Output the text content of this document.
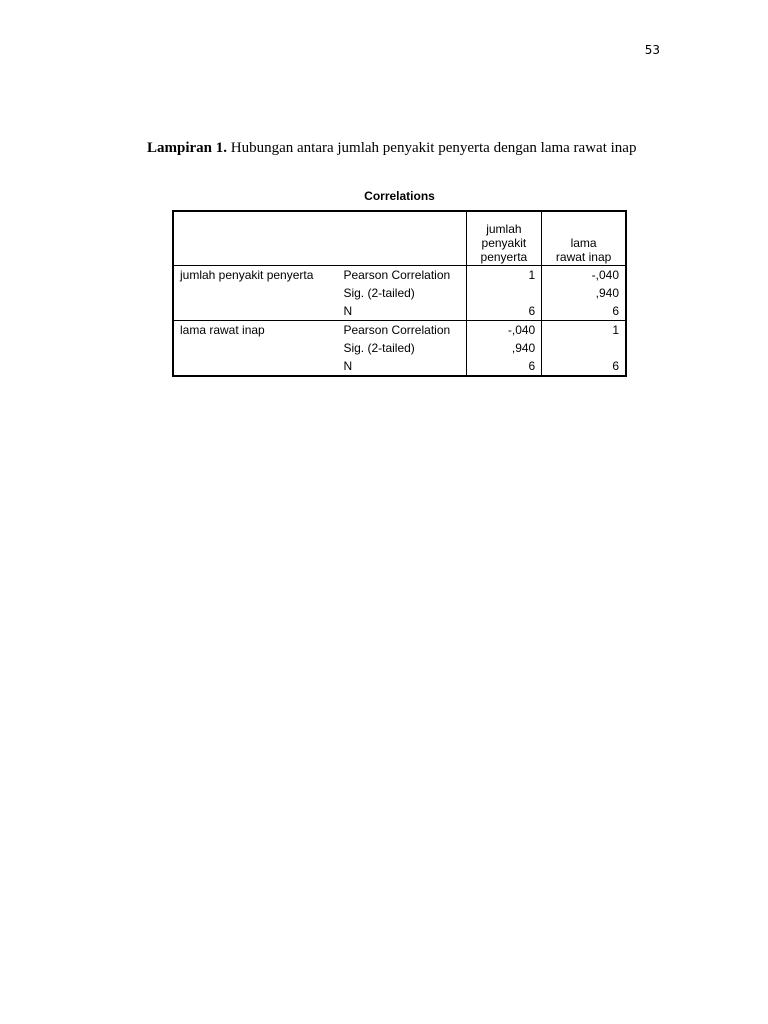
53
Lampiran 1. Hubungan antara jumlah penyakit penyerta dengan lama rawat inap
Correlations
		jumlah
penyakit
penyerta	lama
rawat inap
jumlah penyakit penyerta	Pearson Correlation	1	-,040
	Sig. (2-tailed)		,940
	N	6	6
lama rawat inap	Pearson Correlation	-,040	1
	Sig. (2-tailed)	,940	
	N	6	6
